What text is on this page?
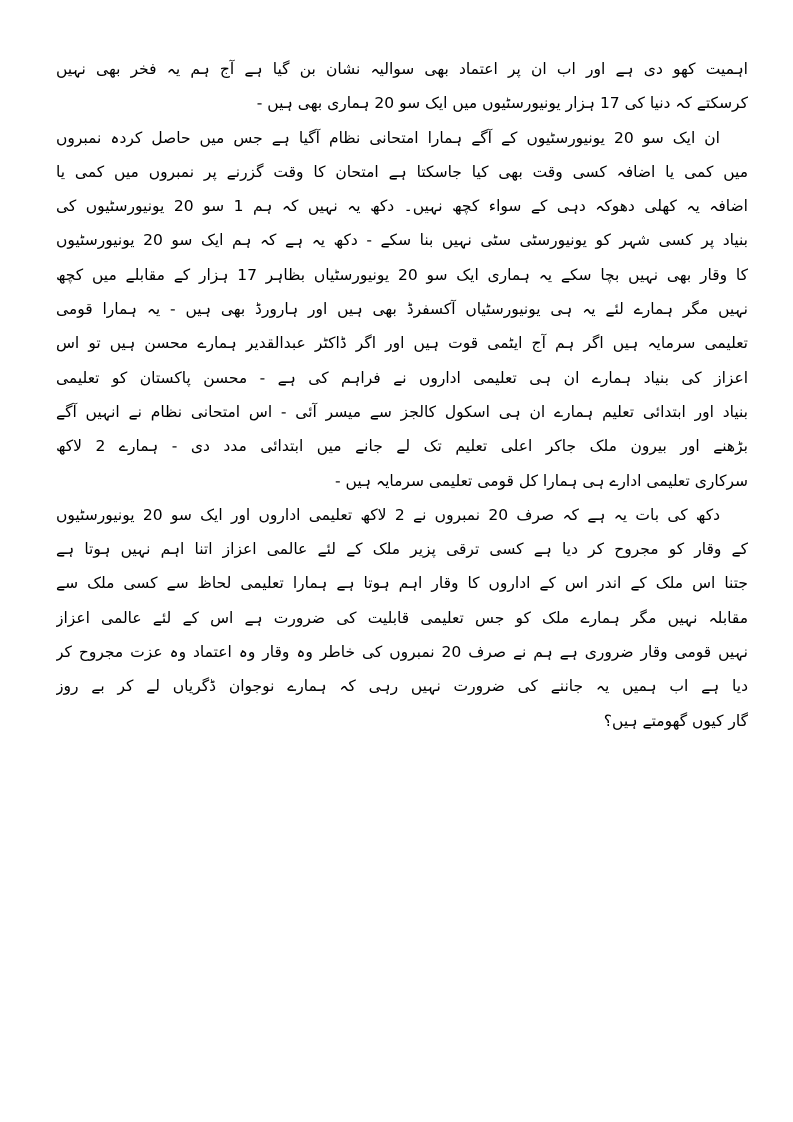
اہمیت کھو دی ہے اور اب ان پر اعتماد بھی سوالیہ نشان بن گیا ہے آج ہم یہ فخر بھی نہیں
کرسکتے کہ دنیا کی 17 ہزار یونیورسٹیوں میں ایک سو 20 ہماری بھی ہیں -
ان ایک سو 20 یونیورسٹیوں کے آگے ہمارا امتحانی نظام آگیا ہے جس میں حاصل کردہ نمبروں
میں کمی یا اضافہ کسی وقت بھی کیا جاسکتا ہے امتحان کا وقت گزرنے پر نمبروں میں کمی یا
اضافہ یہ کھلی دھوکہ دہی کے سواء کچھ نہیں۔ دکھ یہ نہیں کہ ہم 1 سو 20 یونیورسٹیوں کی
بنیاد پر کسی شہر کو یونیورسٹی سٹی نہیں بنا سکے - دکھ یہ ہے کہ ہم ایک سو 20 یونیورسٹیوں
کا وقار بھی نہیں بچا سکے یہ ہماری ایک سو 20 یونیورسٹیاں بظاہر 17 ہزار کے مقابلے میں کچھ
نہیں مگر ہمارے لئے یہ ہی یونیورسٹیاں آکسفرڈ بھی ہیں اور ہارورڈ بھی ہیں - یہ ہمارا قومی
تعلیمی سرمایہ ہیں اگر ہم آج ایٹمی قوت ہیں اور اگر ڈاکٹر عبدالقدیر ہمارے محسن ہیں تو اس
اعزاز کی بنیاد ہمارے ان ہی تعلیمی اداروں نے فراہم کی ہے - محسن پاکستان کو تعلیمی
بنیاد اور ابتدائی تعلیم ہمارے ان ہی اسکول کالجز سے میسر آئی - اس امتحانی نظام نے انہیں آگے
بڑھنے اور بیرون ملک جاکر اعلی تعلیم تک لے جانے میں ابتدائی مدد دی - ہمارے 2 لاکھ
سرکاری تعلیمی ادارے ہی ہمارا کل قومی تعلیمی سرمایہ ہیں -
دکھ کی بات یہ ہے کہ صرف 20 نمبروں نے 2 لاکھ تعلیمی اداروں اور ایک سو 20 یونیورسٹیوں
کے وقار کو مجروح کر دیا ہے کسی ترقی پزیر ملک کے لئے عالمی اعزاز اتنا اہم نہیں ہوتا ہے
جتنا اس ملک کے اندر اس کے اداروں کا وقار اہم ہوتا ہے ہمارا تعلیمی لحاظ سے کسی ملک سے
مقابلہ نہیں مگر ہمارے ملک کو جس تعلیمی قابلیت کی ضرورت ہے اس کے لئے عالمی اعزاز
نہیں قومی وقار ضروری ہے ہم نے صرف 20 نمبروں کی خاطر وہ وقار وہ اعتماد وہ عزت مجروح کر
دیا ہے اب ہمیں یہ جاننے کی ضرورت نہیں رہی کہ ہمارے نوجوان ڈگریاں لے کر بے روز
گار کیوں گھومتے ہیں؟
